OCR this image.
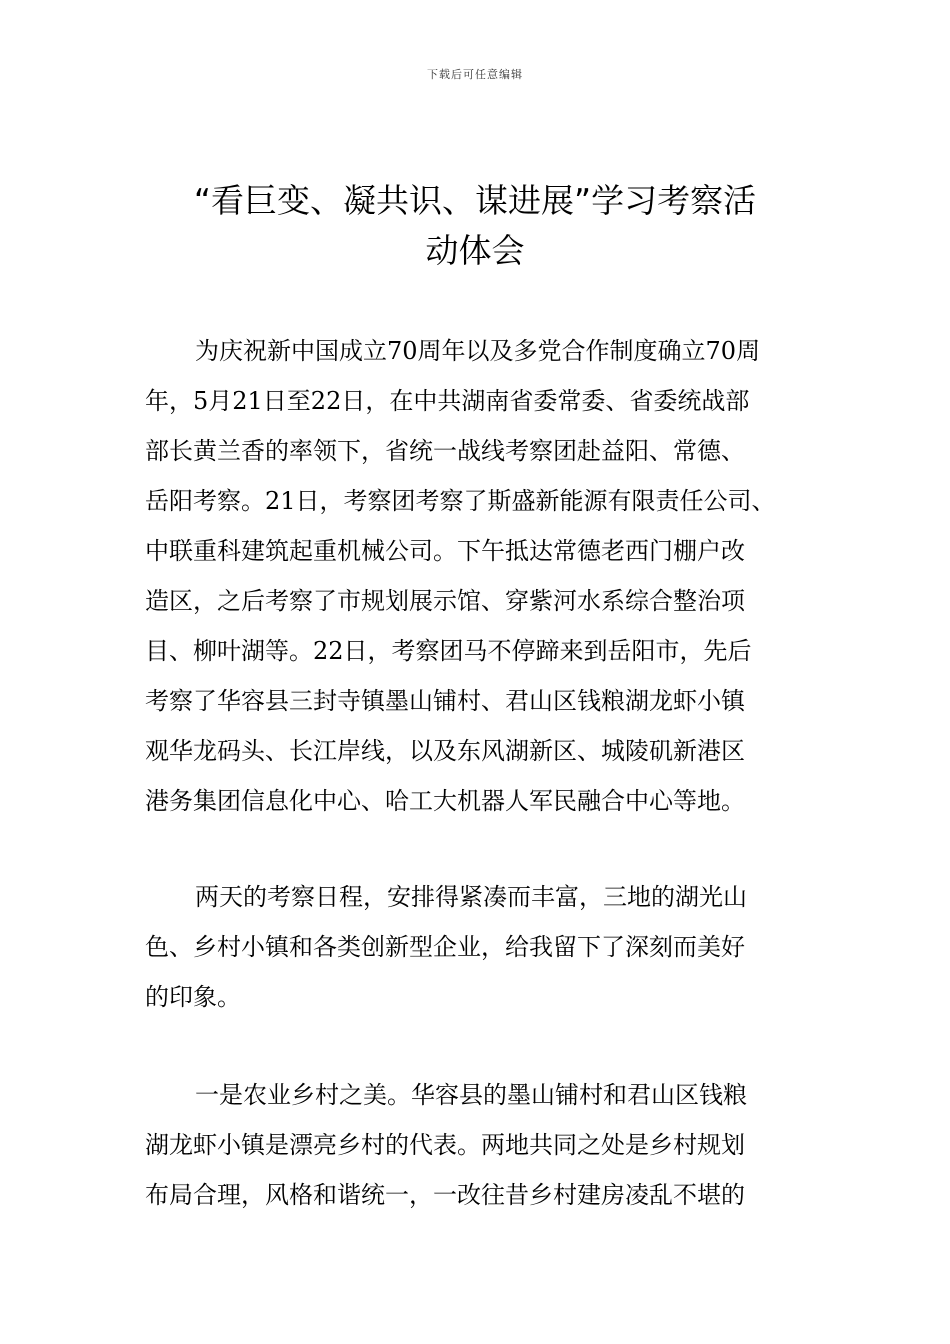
下载后可任意编辑
“看巨变、凝共识、谋进展”学习考察活
动体会
为庆祝新中国成立70周年以及多党合作制度确立70周
年，5月21日至22日，在中共湖南省委常委、省委统战部
部长黄兰香的率领下，省统一战线考察团赴益阳、常德、
岳阳考察。21日，考察团考察了斯盛新能源有限责任公司、
中联重科建筑起重机械公司。下午抵达常德老西门棚户改
造区，之后考察了市规划展示馆、穿紫河水系综合整治项
目、柳叶湖等。22日，考察团马不停蹄来到岳阳市，先后
考察了华容县三封寺镇墨山铺村、君山区钱粮湖龙虾小镇
观华龙码头、长江岸线，以及东风湖新区、城陵矶新港区
港务集团信息化中心、哈工大机器人军民融合中心等地。
两天的考察日程，安排得紧凑而丰富，三地的湖光山
色、乡村小镇和各类创新型企业，给我留下了深刻而美好
的印象。
一是农业乡村之美。华容县的墨山铺村和君山区钱粮
湖龙虾小镇是漂亮乡村的代表。两地共同之处是乡村规划
布局合理，风格和谐统一，一改往昔乡村建房凌乱不堪的
